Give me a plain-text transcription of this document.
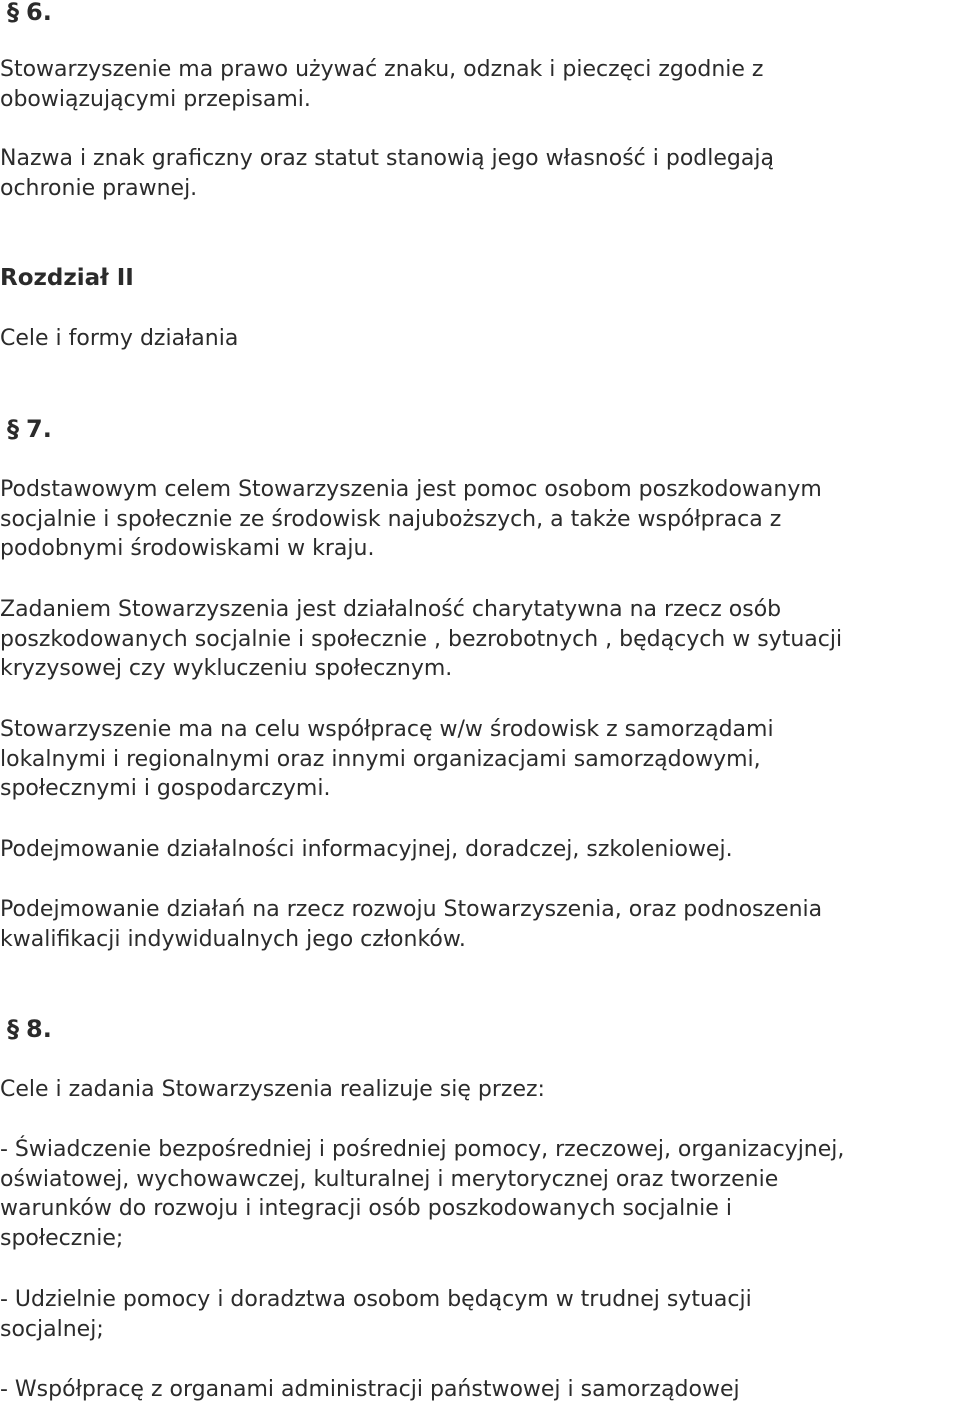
§ 6.

Stowarzyszenie ma prawo używać znaku, odznak i pieczęci zgodnie z
obowiązującymi przepisami.

Nazwa i znak graficzny oraz statut stanowią jego własność i podlegają
ochronie prawnej.

Rozdział II

Cele i formy działania

§ 7.

Podstawowym celem Stowarzyszenia jest pomoc osobom poszkodowanym
socjalnie i społecznie ze środowisk najuboższych, a także współpraca z
podobnymi środowiskami w kraju.

Zadaniem Stowarzyszenia jest działalność charytatywna na rzecz osób
poszkodowanych socjalnie i społecznie , bezrobotnych , będących w sytuacji
kryzysowej czy wykluczeniu społecznym.

Stowarzyszenie ma na celu współpracę w/w środowisk z samorządami
lokalnymi i regionalnymi oraz innymi organizacjami samorządowymi,
społecznymi i gospodarczymi.

Podejmowanie działalności informacyjnej, doradczej, szkoleniowej.

Podejmowanie działań na rzecz rozwoju Stowarzyszenia, oraz podnoszenia
kwalifikacji indywidualnych jego członków.

§ 8.

Cele i zadania Stowarzyszenia realizuje się przez:

- Świadczenie bezpośredniej i pośredniej pomocy, rzeczowej, organizacyjnej,
oświatowej, wychowawczej, kulturalnej i merytorycznej oraz tworzenie
warunków do rozwoju i integracji osób poszkodowanych socjalnie i
społecznie;

- Udzielnie pomocy i doradztwa osobom będącym w trudnej sytuacji
socjalnej;

- Współpracę z organami administracji państwowej i samorządowej
